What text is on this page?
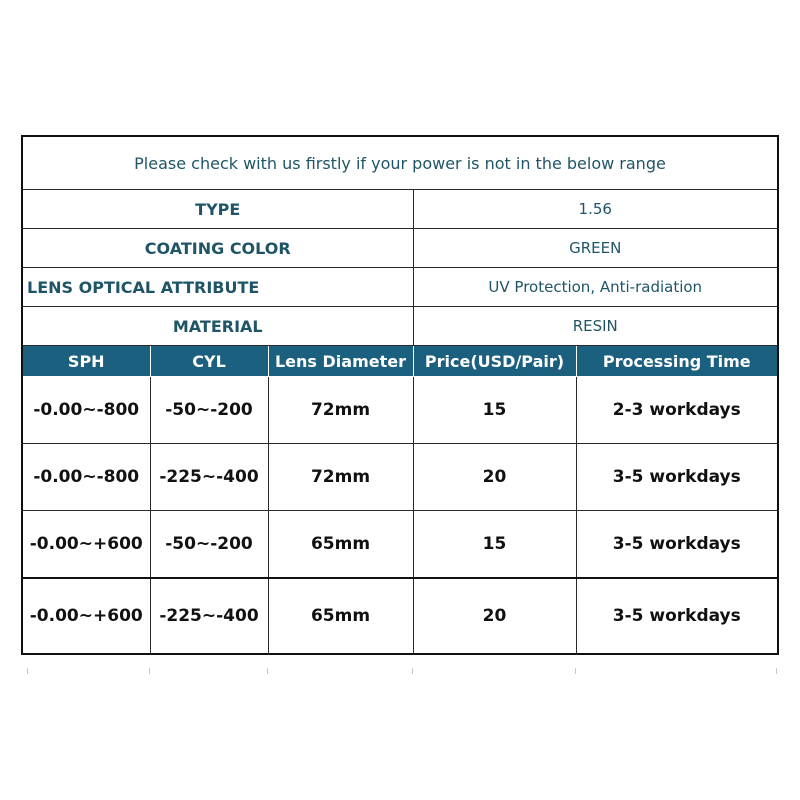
Please check with us firstly if your power is not in the below range				
TYPE			1.56	
COATING COLOR			GREEN	
LENS OPTICAL ATTRIBUTE			UV Protection, Anti-radiation	
MATERIAL			RESIN	
SPH	CYL	Lens Diameter	Price(USD/Pair)	Processing Time
-0.00~-800	-50~-200	72mm	15	2-3 workdays
-0.00~-800	-225~-400	72mm	20	3-5 workdays
-0.00~+600	-50~-200	65mm	15	3-5 workdays
-0.00~+600	-225~-400	65mm	20	3-5 workdays
